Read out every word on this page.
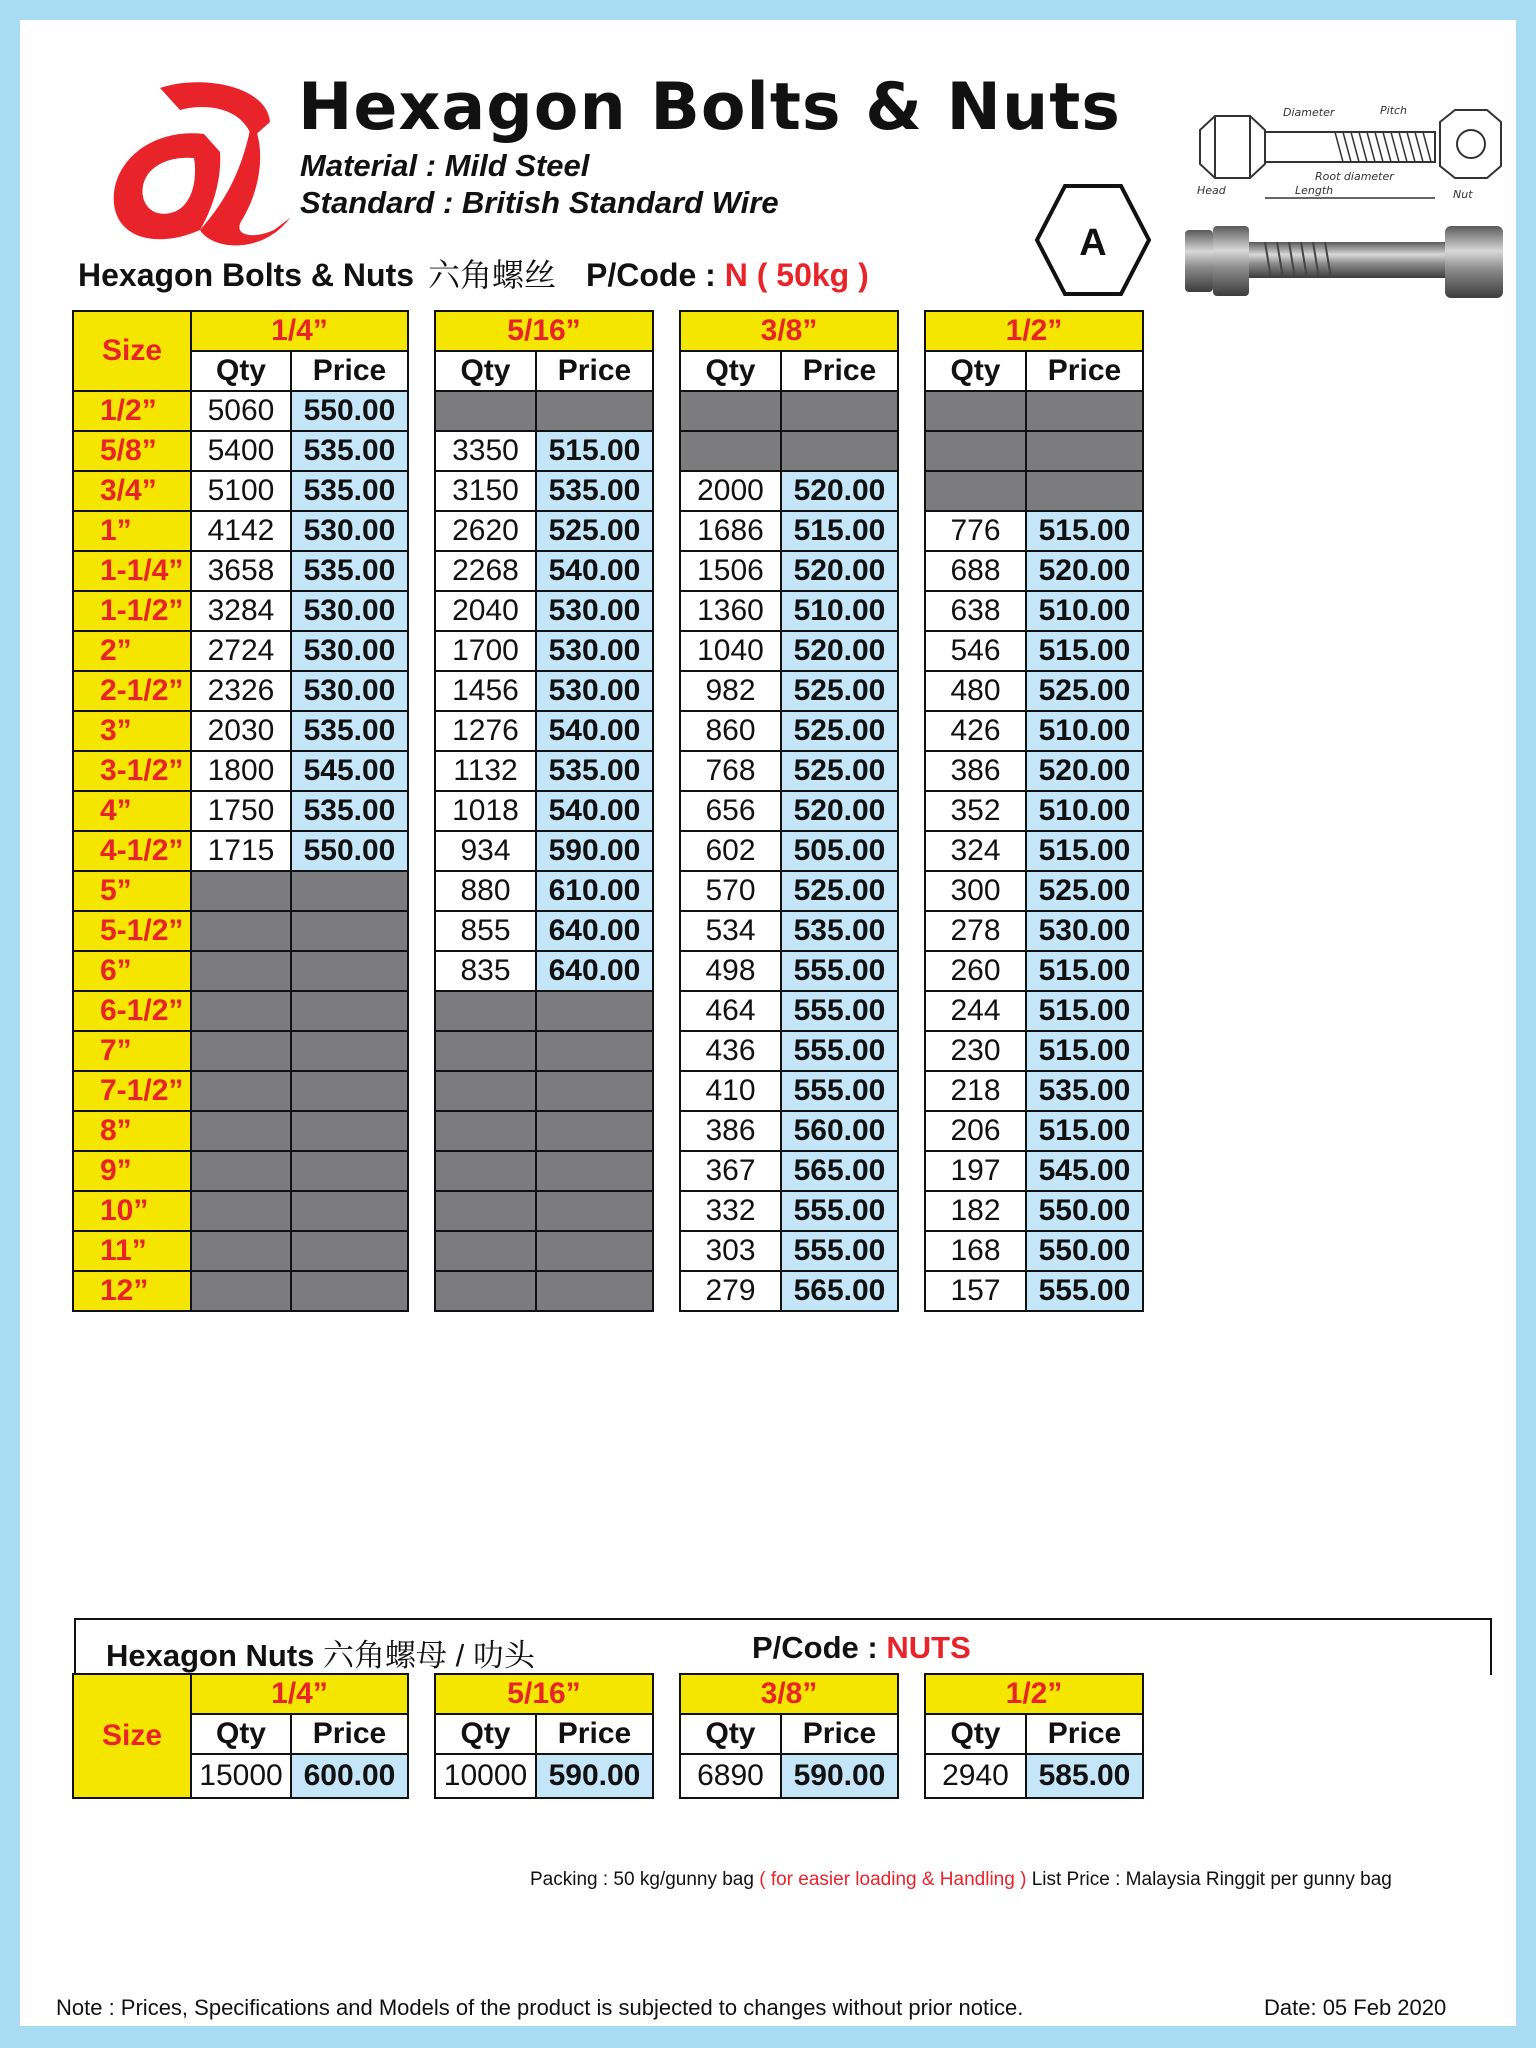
Hexagon Bolts & Nuts
Material : Mild Steel
Standard : British Standard Wire
Hexagon Bolts & Nuts 六角螺丝 P/Code : N ( 50kg )
A
Diameter	Pitch
Root diameter
Head	Length	Nut
Size	1/4”			5/16”			3/8”			1/2”	
	Qty	Price		Qty	Price		Qty	Price		Qty	Price
1/2”	5060	550.00									
5/8”	5400	535.00		3350	515.00						
3/4”	5100	535.00		3150	535.00		2000	520.00			
1”	4142	530.00		2620	525.00		1686	515.00		776	515.00
1-1/4”	3658	535.00		2268	540.00		1506	520.00		688	520.00
1-1/2”	3284	530.00		2040	530.00		1360	510.00		638	510.00
2”	2724	530.00		1700	530.00		1040	520.00		546	515.00
2-1/2”	2326	530.00		1456	530.00		982	525.00		480	525.00
3”	2030	535.00		1276	540.00		860	525.00		426	510.00
3-1/2”	1800	545.00		1132	535.00		768	525.00		386	520.00
4”	1750	535.00		1018	540.00		656	520.00		352	510.00
4-1/2”	1715	550.00		934	590.00		602	505.00		324	515.00
5”				880	610.00		570	525.00		300	525.00
5-1/2”				855	640.00		534	535.00		278	530.00
6”				835	640.00		498	555.00		260	515.00
6-1/2”							464	555.00		244	515.00
7”							436	555.00		230	515.00
7-1/2”							410	555.00		218	535.00
8”							386	560.00		206	515.00
9”							367	565.00		197	545.00
10”							332	555.00		182	550.00
11”							303	555.00		168	550.00
12”							279	565.00		157	555.00
Hexagon Nuts 六角螺母 / 叻头	P/Code : NUTS
Size	1/4”			5/16”			3/8”			1/2”	
	Qty	Price		Qty	Price		Qty	Price		Qty	Price
	15000	600.00		10000	590.00		6890	590.00		2940	585.00
Packing : 50 kg/gunny bag ( for easier loading & Handling ) List Price : Malaysia Ringgit per gunny bag
Note : Prices, Specifications and Models of the product is subjected to changes without prior notice.	Date: 05 Feb 2020
